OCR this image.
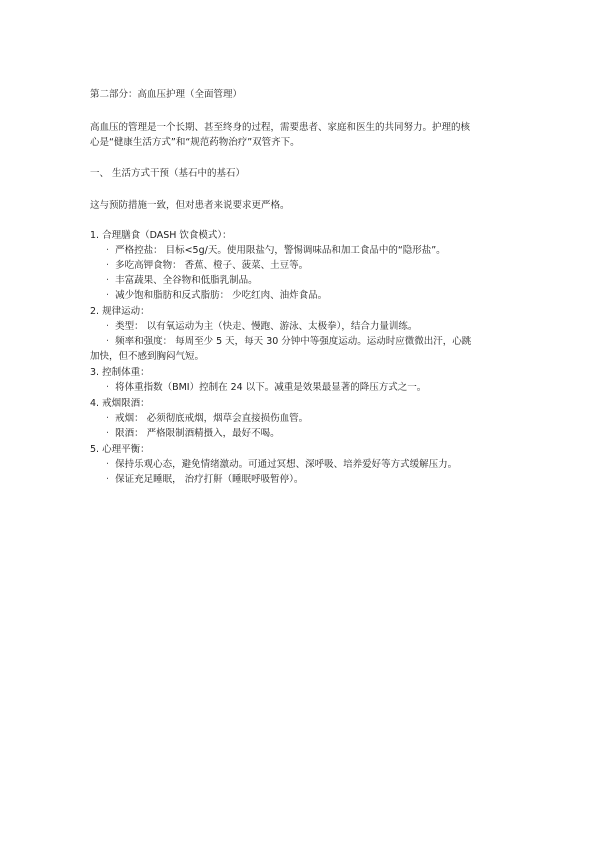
第二部分：高血压护理（全面管理）
高血压的管理是一个长期、甚至终身的过程，需要患者、家庭和医生的共同努力。护理的核
心是“健康生活方式”和“规范药物治疗”双管齐下。
一、 生活方式干预（基石中的基石）
这与预防措施一致，但对患者来说要求更严格。
1. 合理膳食（DASH 饮食模式）：
· 严格控盐： 目标<5g/天。使用限盐勺，警惕调味品和加工食品中的“隐形盐”。
· 多吃高钾食物： 香蕉、橙子、菠菜、土豆等。
· 丰富蔬果、全谷物和低脂乳制品。
· 减少饱和脂肪和反式脂肪： 少吃红肉、油炸食品。
2. 规律运动：
· 类型： 以有氧运动为主（快走、慢跑、游泳、太极拳），结合力量训练。
· 频率和强度： 每周至少 5 天，每天 30 分钟中等强度运动。运动时应微微出汗，心跳
加快，但不感到胸闷气短。
3. 控制体重：
· 将体重指数（BMI）控制在 24 以下。减重是效果最显著的降压方式之一。
4. 戒烟限酒：
· 戒烟： 必须彻底戒烟，烟草会直接损伤血管。
· 限酒： 严格限制酒精摄入，最好不喝。
5. 心理平衡：
· 保持乐观心态，避免情绪激动。可通过冥想、深呼吸、培养爱好等方式缓解压力。
· 保证充足睡眠， 治疗打鼾（睡眠呼吸暂停）。
